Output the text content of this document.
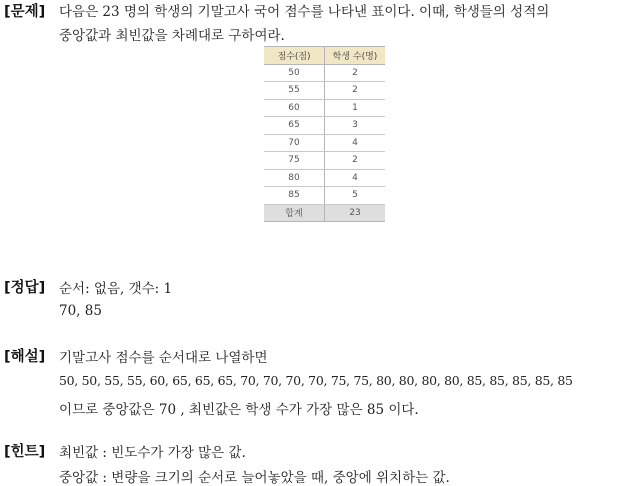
[문제] 다음은 23 명의 학생의 기말고사 국어 점수를 나타낸 표이다. 이때, 학생들의 성적의
중앙값과 최빈값을 차례대로 구하여라.
점수(점)	학생 수(명)
50	2
55	2
60	1
65	3
70	4
75	2
80	4
85	5
합계	23
[정답] 순서: 없음, 갯수: 1
70, 85
[해설] 기말고사 점수를 순서대로 나열하면
50, 50, 55, 55, 60, 65, 65, 65, 70, 70, 70, 70, 75, 75, 80, 80, 80, 80, 85, 85, 85, 85, 85
이므로 중앙값은 70 , 최빈값은 학생 수가 가장 많은 85 이다.
[힌트] 최빈값 : 빈도수가 가장 많은 값.
중앙값 : 변량을 크기의 순서로 늘어놓았을 때, 중앙에 위치하는 값.
